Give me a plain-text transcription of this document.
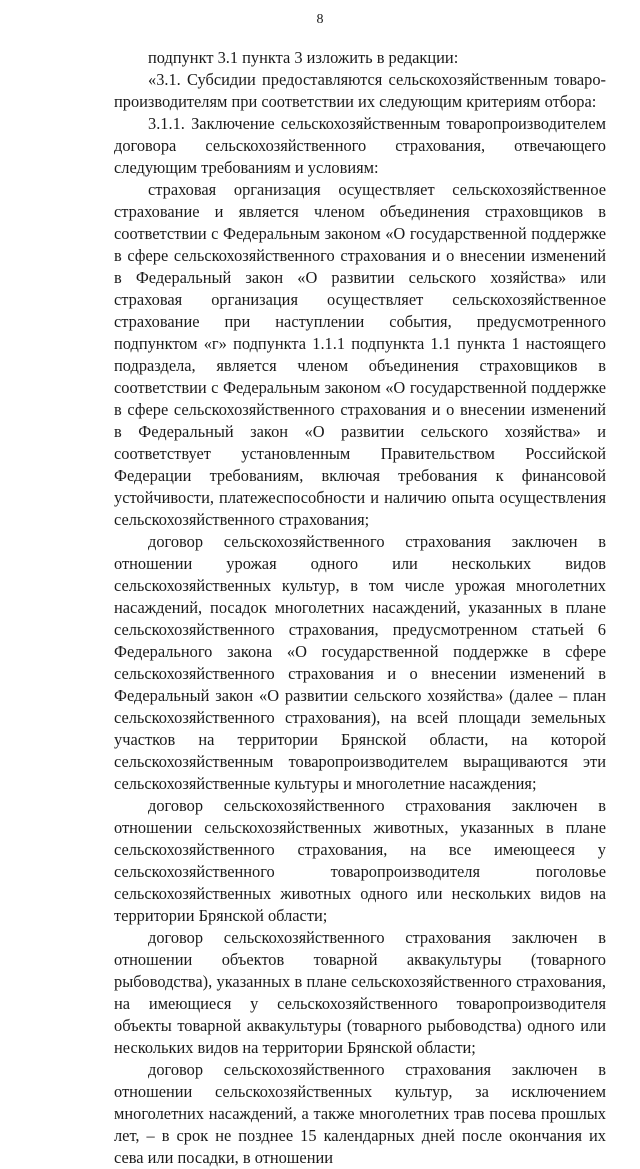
8

подпункт 3.1 пункта 3 изложить в редакции:

«3.1. Субсидии предоставляются сельскохозяйственным товаропроизводителям при соответствии их следующим критериям отбора:

3.1.1. Заключение сельскохозяйственным товаропроизводителем договора сельскохозяйственного страхования, отвечающего следующим требованиям и условиям:

страховая организация осуществляет сельскохозяйственное страхование и является членом объединения страховщиков в соответствии с Федеральным законом «О государственной поддержке в сфере сельскохозяйственного страхования и о внесении изменений в Федеральный закон «О развитии сельского хозяйства» или страховая организация осуществляет сельскохозяйственное страхование при наступлении события, предусмотренного подпунктом «г» подпункта 1.1.1 подпункта 1.1 пункта 1 настоящего подраздела, является членом объединения страховщиков в соответствии с Федеральным законом «О государственной поддержке в сфере сельскохозяйственного страхования и о внесении изменений в Федеральный закон «О развитии сельского хозяйства» и соответствует установленным Правительством Российской Федерации требованиям, включая требования к финансовой устойчивости, платежеспособности и наличию опыта осуществления сельскохозяйственного страхования;

договор сельскохозяйственного страхования заключен в отношении урожая одного или нескольких видов сельскохозяйственных культур, в том числе урожая многолетних насаждений, посадок многолетних насаждений, указанных в плане сельскохозяйственного страхования, предусмотренном статьей 6 Федерального закона «О государственной поддержке в сфере сельскохозяйственного страхования и о внесении изменений в Федеральный закон «О развитии сельского хозяйства» (далее – план сельскохозяйственного страхования), на всей площади земельных участков на территории Брянской области, на которой сельскохозяйственным товаропроизводителем выращиваются эти сельскохозяйственные культуры и многолетние насаждения;

договор сельскохозяйственного страхования заключен в отношении сельскохозяйственных животных, указанных в плане сельскохозяйственного страхования, на все имеющееся у сельскохозяйственного товаропроизводителя поголовье сельскохозяйственных животных одного или нескольких видов на территории Брянской области;

договор сельскохозяйственного страхования заключен в отношении объектов товарной аквакультуры (товарного рыбоводства), указанных в плане сельскохозяйственного страхования, на имеющиеся у сельскохозяйственного товаропроизводителя объекты товарной аквакультуры (товарного рыбоводства) одного или нескольких видов на территории Брянской области;

договор сельскохозяйственного страхования заключен в отношении сельскохозяйственных культур, за исключением многолетних насаждений, а также многолетних трав посева прошлых лет, – в срок не позднее 15 календарных дней после окончания их сева или посадки, в отношении
